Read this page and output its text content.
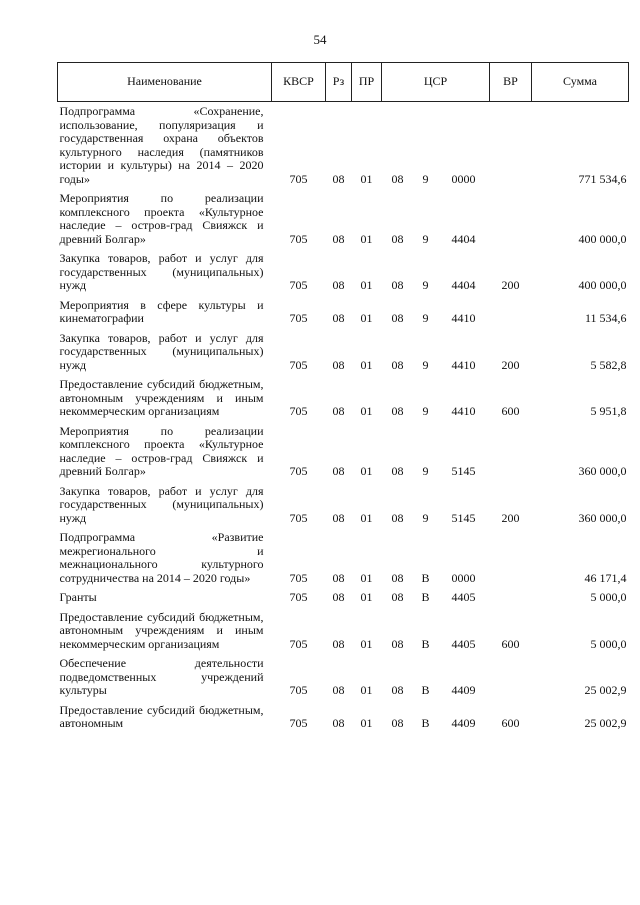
54
Наименование	КВСР	Рз	ПР	ЦСР			ВР	Сумма
Подпрограмма «Сохранение, использование, популяризация и государственная охрана объектов культурного наследия (памятников истории и культуры) на 2014 – 2020 годы»	705	08	01	08	9	0000		771 534,6
Мероприятия по реализации комплексного проекта «Культурное наследие – остров-град Свияжск и древний Болгар»	705	08	01	08	9	4404		400 000,0
Закупка товаров, работ и услуг для государственных (муниципальных) нужд	705	08	01	08	9	4404	200	400 000,0
Мероприятия в сфере культуры и кинематографии	705	08	01	08	9	4410		11 534,6
Закупка товаров, работ и услуг для государственных (муниципальных) нужд	705	08	01	08	9	4410	200	5 582,8
Предоставление субсидий бюджетным, автономным учреждениям и иным некоммерческим организациям	705	08	01	08	9	4410	600	5 951,8
Мероприятия по реализации комплексного проекта «Культурное наследие – остров-град Свияжск и древний Болгар»	705	08	01	08	9	5145		360 000,0
Закупка товаров, работ и услуг для государственных (муниципальных) нужд	705	08	01	08	9	5145	200	360 000,0
Подпрограмма «Развитие межрегионального и межнационального культурного сотрудничества на 2014 – 2020 годы»	705	08	01	08	В	0000		46 171,4
Гранты	705	08	01	08	В	4405		5 000,0
Предоставление субсидий бюджетным, автономным учреждениям и иным некоммерческим организациям	705	08	01	08	В	4405	600	5 000,0
Обеспечение деятельности подведомственных учреждений культуры	705	08	01	08	В	4409		25 002,9
Предоставление субсидий бюджетным, автономным	705	08	01	08	В	4409	600	25 002,9
